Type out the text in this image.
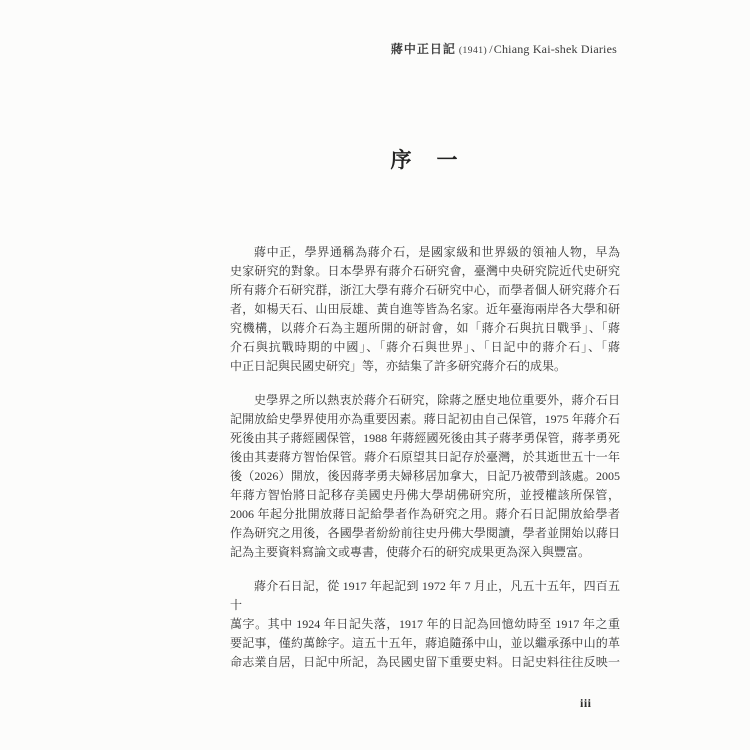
蔣中正日記 (1941) /Chiang Kai-shek Diaries
序　一
蔣中正，學界通稱為蔣介石，是國家級和世界級的領袖人物，早為
史家研究的對象。日本學界有蔣介石研究會，臺灣中央研究院近代史研究
所有蔣介石研究群，浙江大學有蔣介石研究中心，而學者個人研究蔣介石
者，如楊天石、山田辰雄、黃自進等皆為名家。近年臺海兩岸各大學和研
究機構，以蔣介石為主題所開的研討會，如「蔣介石與抗日戰爭」、「蔣
介石與抗戰時期的中國」、「蔣介石與世界」、「日記中的蔣介石」、「蔣
中正日記與民國史研究」等，亦結集了許多研究蔣介石的成果。
史學界之所以熱衷於蔣介石研究，除蔣之歷史地位重要外，蔣介石日
記開放給史學界使用亦為重要因素。蔣日記初由自己保管，1975 年蔣介石
死後由其子蔣經國保管，1988 年蔣經國死後由其子蔣孝勇保管，蔣孝勇死
後由其妻蔣方智怡保管。蔣介石原望其日記存於臺灣，於其逝世五十一年
後（2026）開放，後因蔣孝勇夫婦移居加拿大，日記乃被帶到該處。2005
年蔣方智怡將日記移存美國史丹佛大學胡佛研究所，並授權該所保管，
2006 年起分批開放蔣日記給學者作為研究之用。蔣介石日記開放給學者
作為研究之用後，各國學者紛紛前往史丹佛大學閱讀，學者並開始以蔣日
記為主要資料寫論文或專書，使蔣介石的研究成果更為深入與豐富。
蔣介石日記，從 1917 年起記到 1972 年 7 月止，凡五十五年，四百五十
萬字。其中 1924 年日記失落，1917 年的日記為回憶幼時至 1917 年之重
要記事，僅約萬餘字。這五十五年，蔣追隨孫中山，並以繼承孫中山的革
命志業自居，日記中所記，為民國史留下重要史料。日記史料往往反映一
iii
